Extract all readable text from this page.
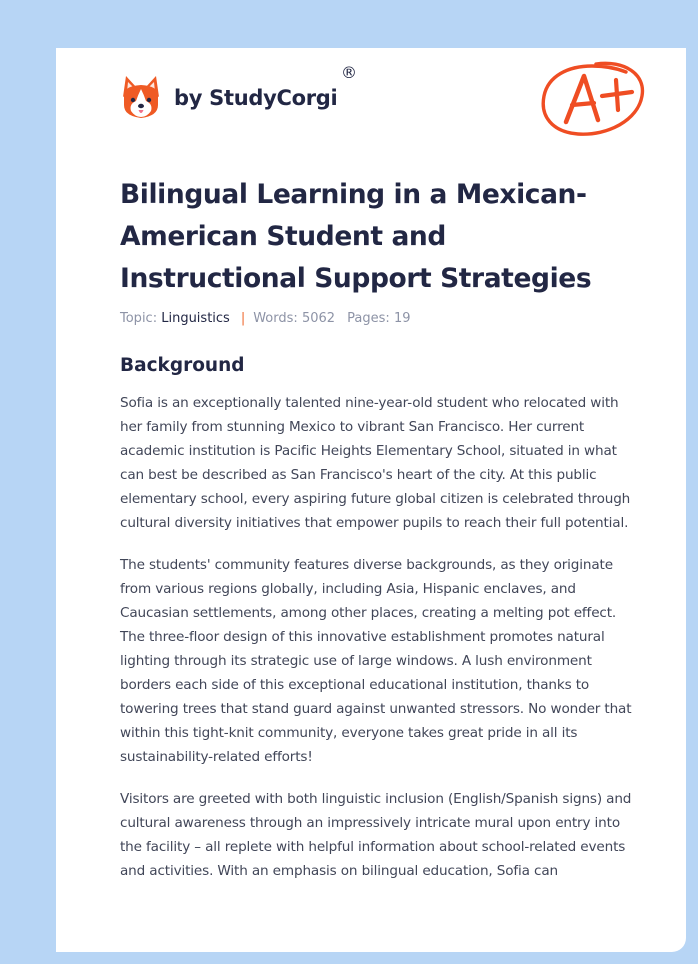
by StudyCorgi
®
Bilingual Learning in a Mexican-American Student and Instructional Support Strategies
Topic: Linguistics | Words: 5062 Pages: 19
Background

Sofia is an exceptionally talented nine-year-old student who relocated with her family from stunning Mexico to vibrant San Francisco. Her current academic institution is Pacific Heights Elementary School, situated in what can best be described as San Francisco's heart of the city. At this public elementary school, every aspiring future global citizen is celebrated through cultural diversity initiatives that empower pupils to reach their full potential.

The students' community features diverse backgrounds, as they originate from various regions globally, including Asia, Hispanic enclaves, and Caucasian settlements, among other places, creating a melting pot effect. The three-floor design of this innovative establishment promotes natural lighting through its strategic use of large windows. A lush environment borders each side of this exceptional educational institution, thanks to towering trees that stand guard against unwanted stressors. No wonder that within this tight-knit community, everyone takes great pride in all its sustainability-related efforts!

Visitors are greeted with both linguistic inclusion (English/Spanish signs) and cultural awareness through an impressively intricate mural upon entry into the facility – all replete with helpful information about school-related events and activities. With an emphasis on bilingual education, Sofia can
